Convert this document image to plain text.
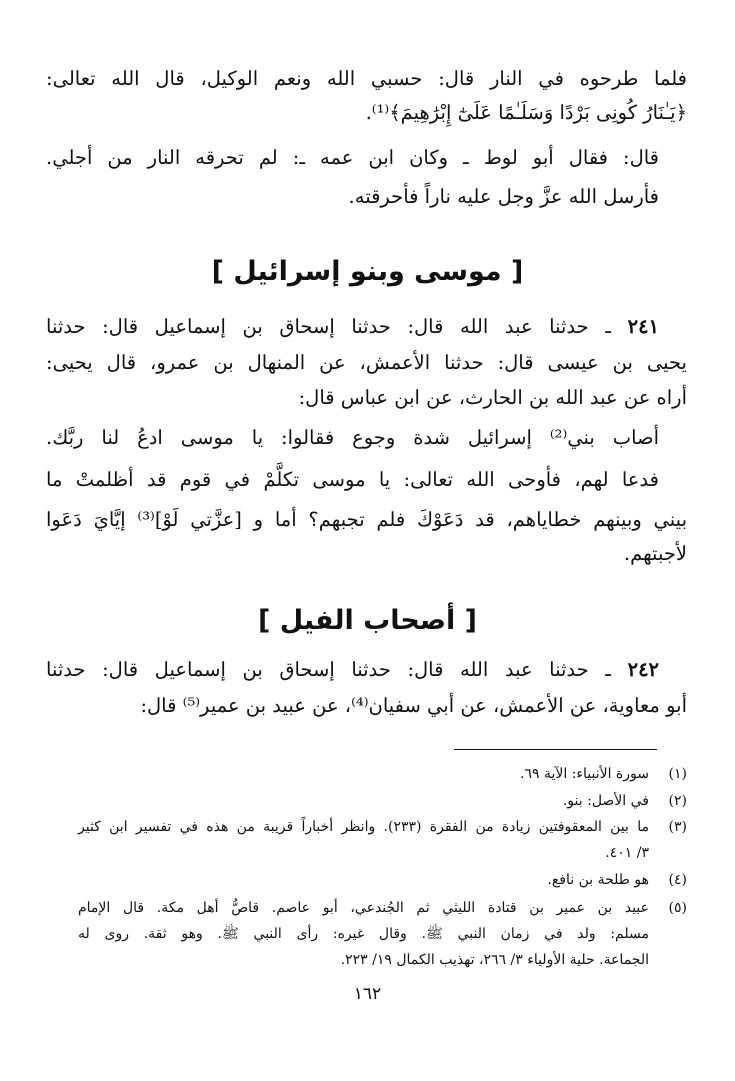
فلما طرحوه في النار قال: حسبي الله ونعم الوكيل، قال الله تعالى:
﴿يَـٰنَارُ كُونِى بَرْدًا وَسَلَـٰمًا عَلَىٰٓ إِبْرَٰهِيمَ﴾⁽¹⁾.
قال: فقال أبو لوط ـ وكان ابن عمه ـ: لم تحرقه النار من أجلي.
فأرسل الله عزَّ وجل عليه ناراً فأحرقته.
[ موسى وبنو إسرائيل ]
٢٤١ ـ حدثنا عبد الله قال: حدثنا إسحاق بن إسماعيل قال: حدثنا
يحيى بن عيسى قال: حدثنا الأعمش، عن المنهال بن عمرو، قال يحيى:
أراه عن عبد الله بن الحارث، عن ابن عباس قال:
أصاب بني⁽²⁾ إسرائيل شدة وجوع فقالوا: يا موسى ادعُ لنا ربَّك.
فدعا لهم، فأوحى الله تعالى: يا موسى تكلَّمْ في قوم قد أظلمتْ ما
بيني وبينهم خطاياهم، قد دَعَوْكَ فلم تجبهم؟ أما و [عزَّتي لَوْ]⁽³⁾ إيَّايَ دَعَوا
لأجبتهم.
[ أصحاب الفيل ]
٢٤٢ ـ حدثنا عبد الله قال: حدثنا إسحاق بن إسماعيل قال: حدثنا
أبو معاوية، عن الأعمش، عن أبي سفيان⁽⁴⁾، عن عبيد بن عمير⁽⁵⁾ قال:
(١)
سورة الأنبياء: الآية ٦٩.
(٢)
في الأصل: بنو.
(٣)
ما بين المعقوفتين زيادة من الفقرة (٢٣٣). وانظر أخباراً قريبة من هذه في تفسير ابن كثير
٣/ ٤٠١.
(٤)
هو طلحة بن نافع.
(٥)
عبيد بن عمير بن قتادة الليثي ثم الجُندعي، أبو عاصم. قاصُّ أهل مكة. قال الإمام
مسلم: ولد في زمان النبي ﷺ. وقال غيره: رأى النبي ﷺ. وهو ثقة. روى له
الجماعة. حلية الأولياء ٣/ ٢٦٦، تهذيب الكمال ١٩/ ٢٢٣.
١٦٢
